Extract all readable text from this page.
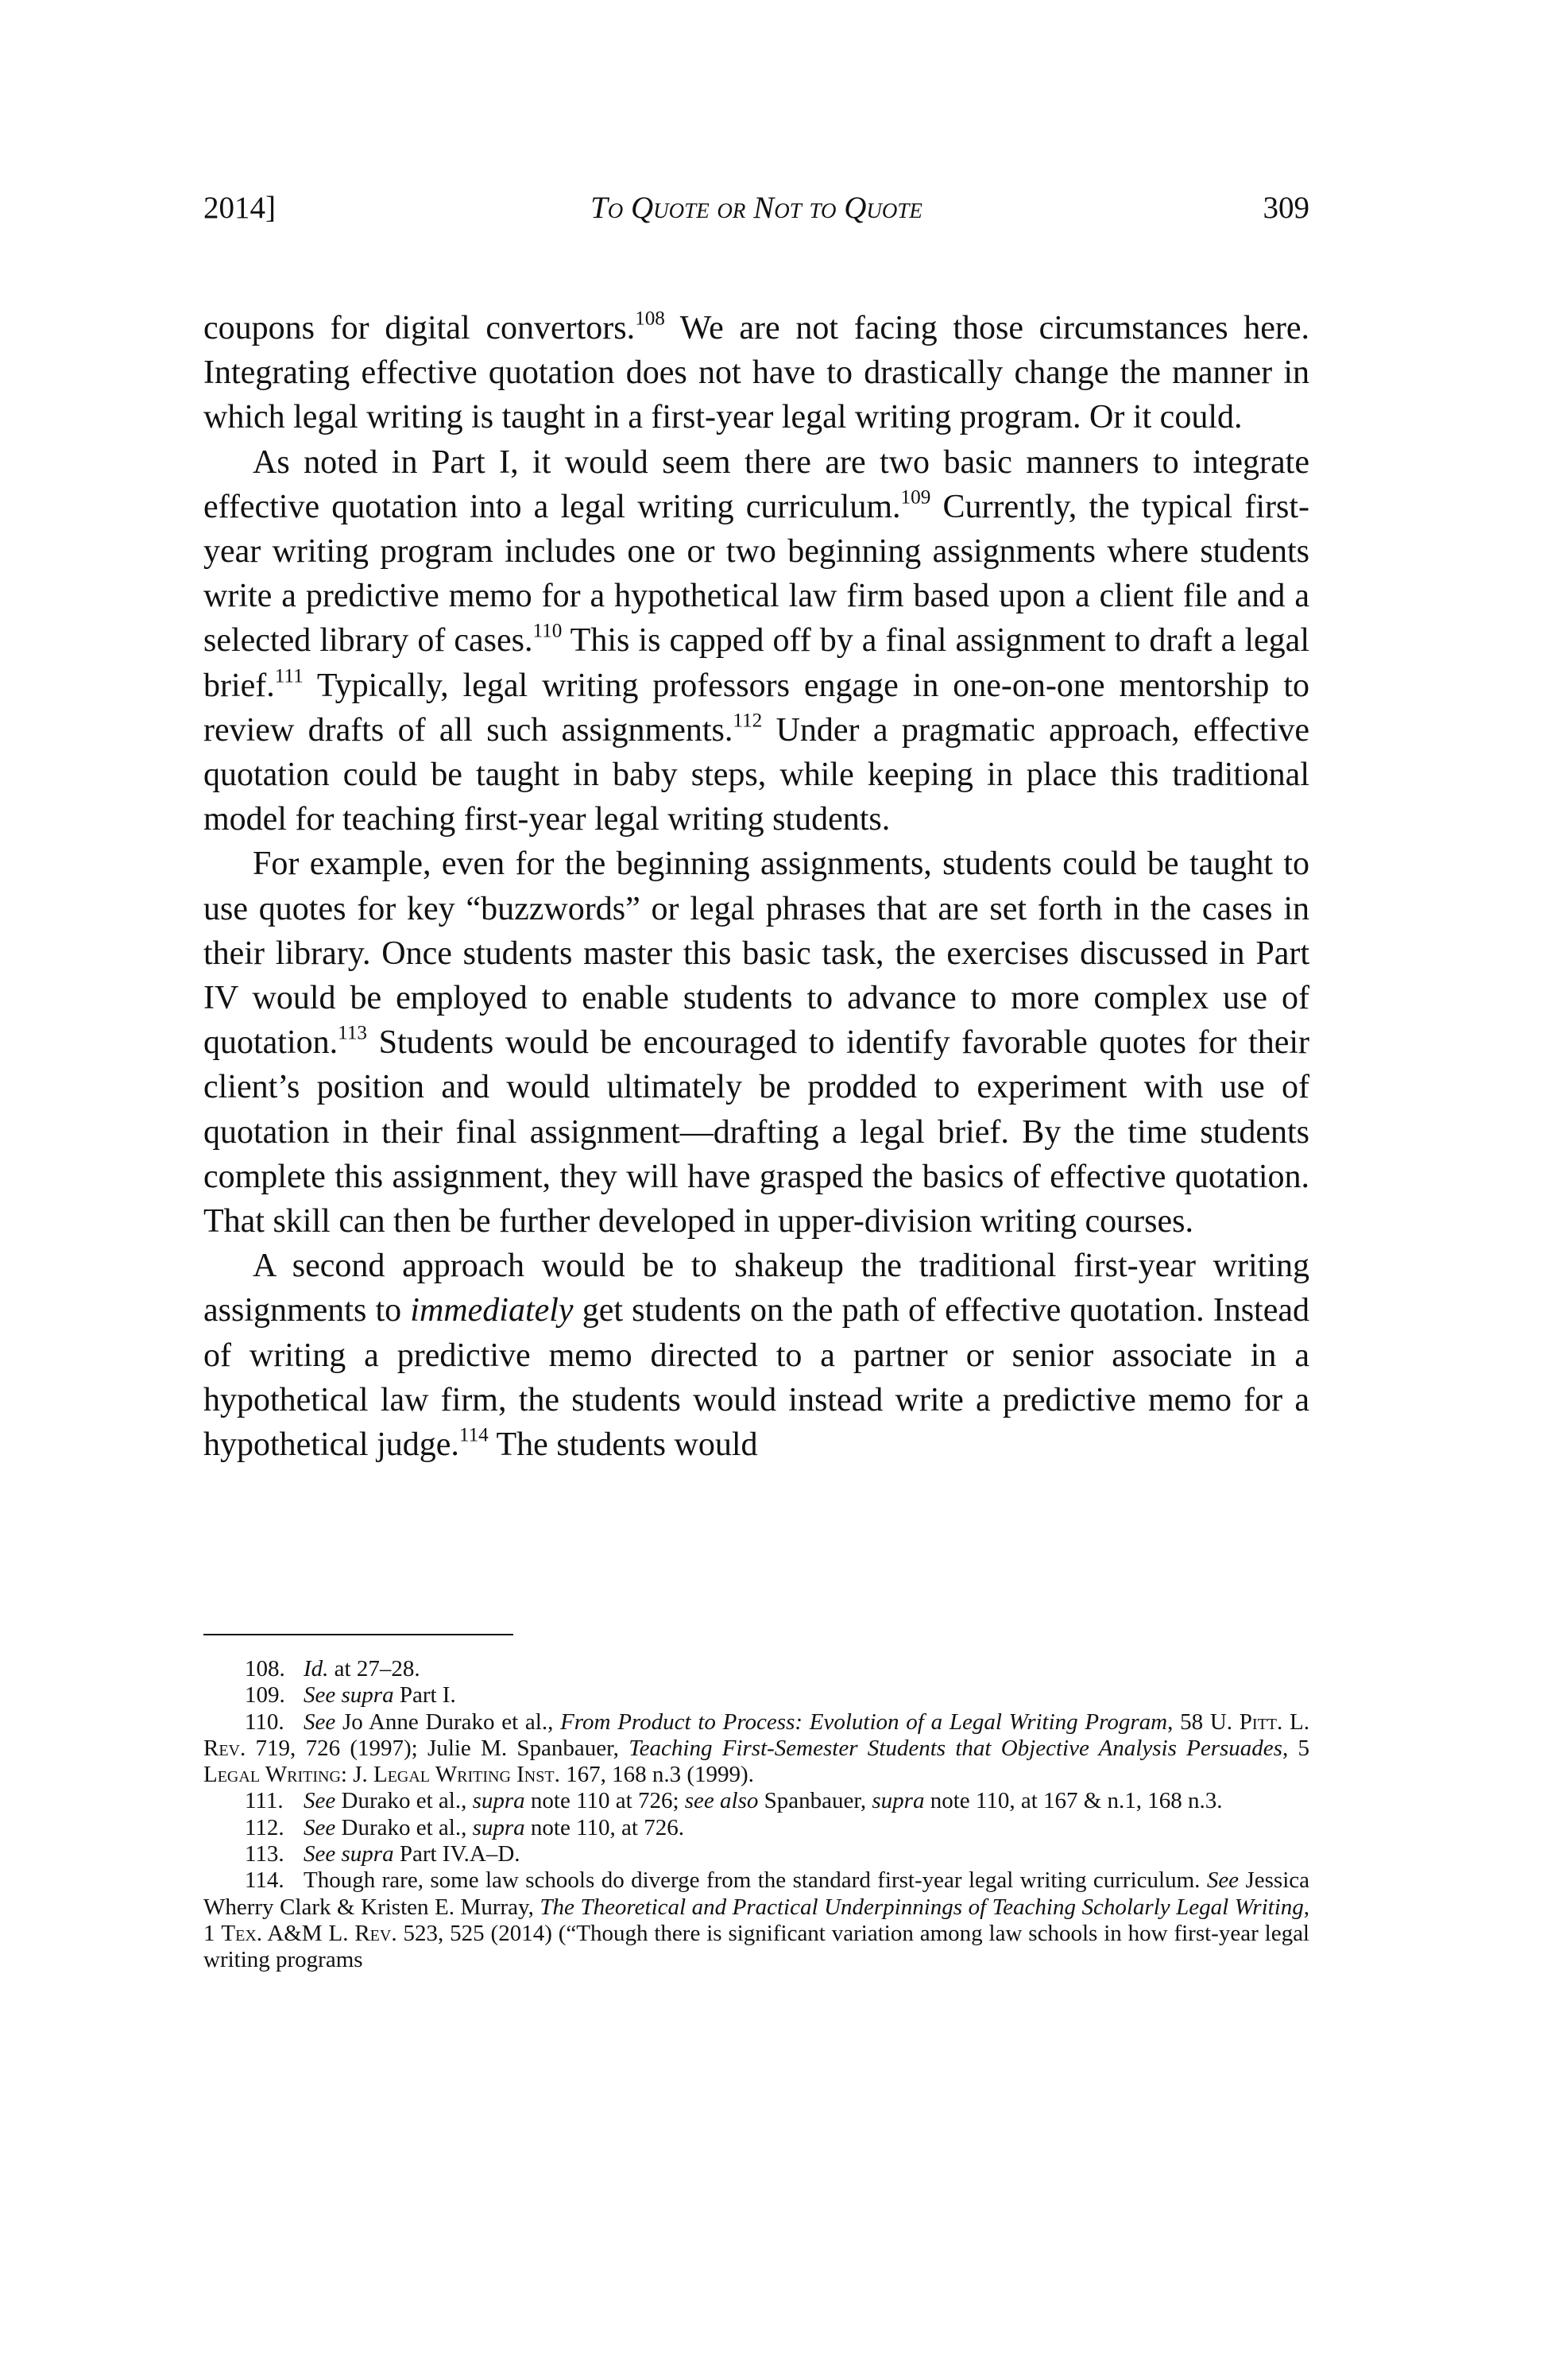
2014]	To Quote or Not to Quote	309

coupons for digital convertors.$^{108}$ We are not facing those circumstances here. Integrating effective quotation does not have to drastically change the manner in which legal writing is taught in a first-year legal writing program. Or it could.

As noted in Part I, it would seem there are two basic manners to integrate effective quotation into a legal writing curriculum.$^{109}$ Currently, the typical first-year writing program includes one or two beginning assignments where students write a predictive memo for a hypothetical law firm based upon a client file and a selected library of cases.$^{110}$ This is capped off by a final assignment to draft a legal brief.$^{111}$ Typically, legal writing professors engage in one-on-one mentorship to review drafts of all such assignments.$^{112}$ Under a pragmatic approach, effective quotation could be taught in baby steps, while keeping in place this traditional model for teaching first-year legal writing students.

For example, even for the beginning assignments, students could be taught to use quotes for key “buzzwords” or legal phrases that are set forth in the cases in their library. Once students master this basic task, the exercises discussed in Part IV would be employed to enable students to advance to more complex use of quotation.$^{113}$ Students would be encouraged to identify favorable quotes for their client’s position and would ultimately be prodded to experiment with use of quotation in their final assignment—drafting a legal brief. By the time students complete this assignment, they will have grasped the basics of effective quotation. That skill can then be further developed in upper-division writing courses.

A second approach would be to shakeup the traditional first-year writing assignments to immediately get students on the path of effective quotation. Instead of writing a predictive memo directed to a partner or senior associate in a hypothetical law firm, the students would instead write a predictive memo for a hypothetical judge.$^{114}$ The students would

108. Id. at 27–28.

109. See supra Part I.

110. See Jo Anne Durako et al., From Product to Process: Evolution of a Legal Writing Program, 58 U. Pitt. L. Rev. 719, 726 (1997); Julie M. Spanbauer, Teaching First-Semester Students that Objective Analysis Persuades, 5 Legal Writing: J. Legal Writing Inst. 167, 168 n.3 (1999).

111. See Durako et al., supra note 110 at 726; see also Spanbauer, supra note 110, at 167 & n.1, 168 n.3.

112. See Durako et al., supra note 110, at 726.

113. See supra Part IV.A–D.

114. Though rare, some law schools do diverge from the standard first-year legal writing curriculum. See Jessica Wherry Clark & Kristen E. Murray, The Theoretical and Practical Underpinnings of Teaching Scholarly Legal Writing, 1 Tex. A&M L. Rev. 523, 525 (2014) (“Though there is significant variation among law schools in how first-year legal writing programs
